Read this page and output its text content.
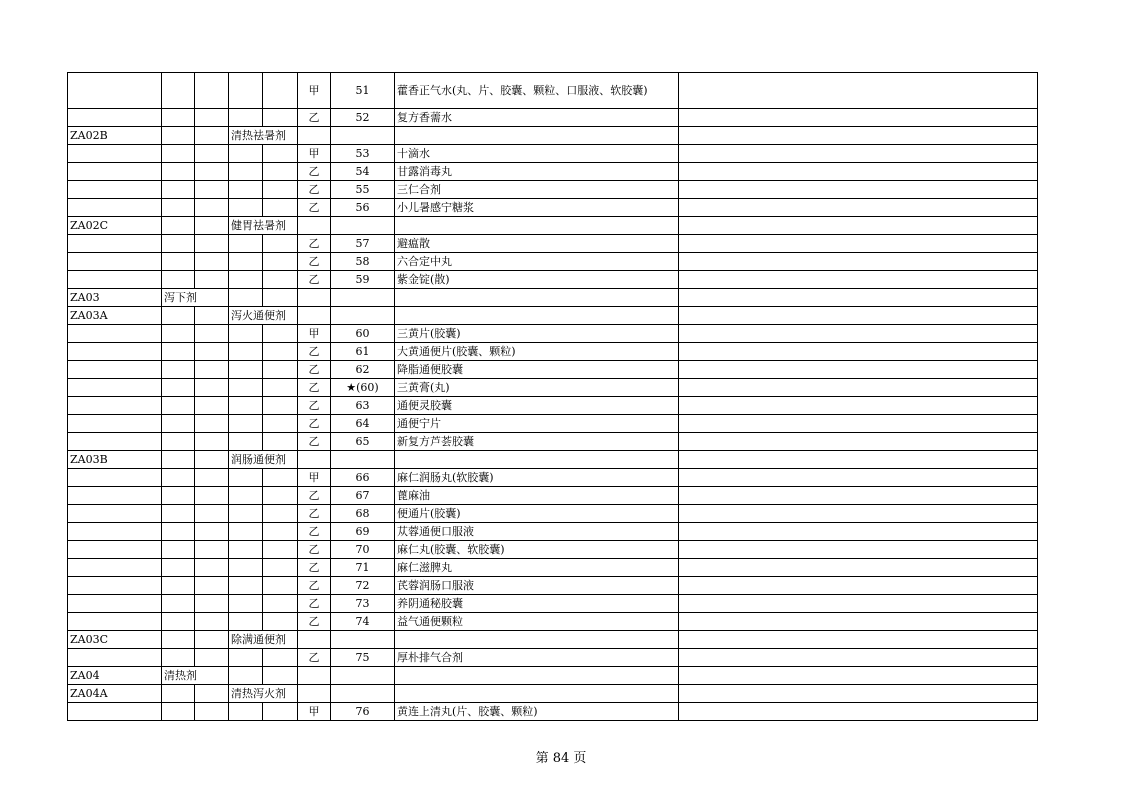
					甲	51	藿香正气水(丸、片、胶囊、颗粒、口服液、软胶囊)	
					乙	52	复方香薷水	
ZA02B			清热祛暑剂					
					甲	53	十滴水	
					乙	54	甘露消毒丸	
					乙	55	三仁合剂	
					乙	56	小儿暑感宁糖浆	
ZA02C			健胃祛暑剂					
					乙	57	避瘟散	
					乙	58	六合定中丸	
					乙	59	紫金锭(散)	
ZA03	泻下剂							
ZA03A			泻火通便剂					
					甲	60	三黄片(胶囊)	
					乙	61	大黄通便片(胶囊、颗粒)	
					乙	62	降脂通便胶囊	
					乙	★(60)	三黄膏(丸)	
					乙	63	通便灵胶囊	
					乙	64	通便宁片	
					乙	65	新复方芦荟胶囊	
ZA03B			润肠通便剂					
					甲	66	麻仁润肠丸(软胶囊)	
					乙	67	蓖麻油	
					乙	68	便通片(胶囊)	
					乙	69	苁蓉通便口服液	
					乙	70	麻仁丸(胶囊、软胶囊)	
					乙	71	麻仁滋脾丸	
					乙	72	芪蓉润肠口服液	
					乙	73	养阴通秘胶囊	
					乙	74	益气通便颗粒	
ZA03C			除满通便剂					
					乙	75	厚朴排气合剂	
ZA04	清热剂							
ZA04A			清热泻火剂					
					甲	76	黄连上清丸(片、胶囊、颗粒)	
第 84 页
